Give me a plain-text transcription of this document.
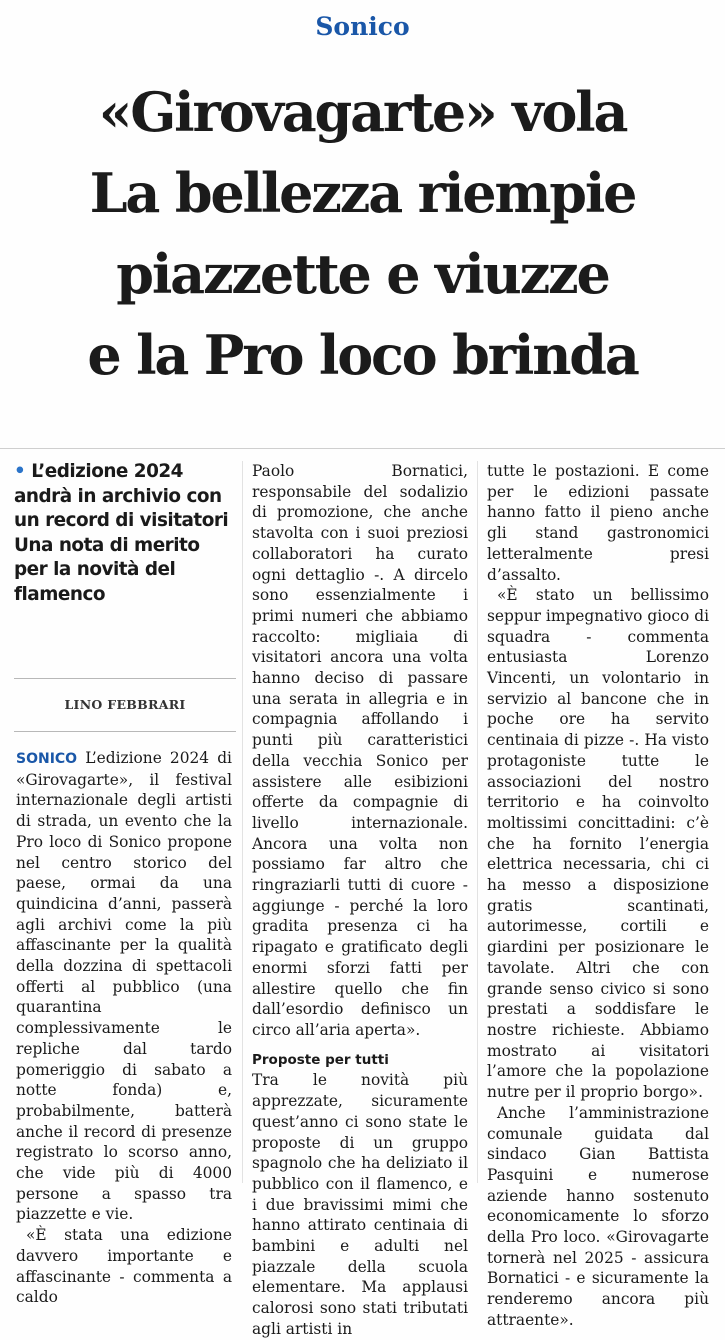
Sonico
«Girovagarte» vola
La bellezza riempie
piazzette e viuzze
e la Pro loco brinda
• L’edizione 2024 andrà in archivio con un record di visitatori Una nota di merito per la novità del flamenco
LINO FEBBRARI

SONICO L’edizione 2024 di «Girovagarte», il festival internazionale degli artisti di strada, un evento che la Pro loco di Sonico propone nel centro storico del paese, ormai da una quindicina d’anni, passerà agli archivi come la più affascinante per la qualità della dozzina di spettacoli offerti al pubblico (una quarantina complessivamente le repliche dal tardo pomeriggio di sabato a notte fonda) e, probabilmente, batterà anche il record di presenze registrato lo scorso anno, che vide più di 4000 persone a spasso tra piazzette e vie.

«È stata una edizione davvero importante e affascinante - commenta a caldo

Paolo Bornatici, responsabile del sodalizio di promozione, che anche stavolta con i suoi preziosi collaboratori ha curato ogni dettaglio -. A dircelo sono essenzialmente i primi numeri che abbiamo raccolto: migliaia di visitatori ancora una volta hanno deciso di passare una serata in allegria e in compagnia affollando i punti più caratteristici della vecchia Sonico per assistere alle esibizioni offerte da compagnie di livello internazionale. Ancora una volta non possiamo far altro che ringraziarli tutti di cuore - aggiunge - perché la loro gradita presenza ci ha ripagato e gratificato degli enormi sforzi fatti per allestire quello che fin dall’esordio definisco un circo all’aria aperta».

Proposte per tutti

Tra le novità più apprezzate, sicuramente quest’anno ci sono state le proposte di un gruppo spagnolo che ha deliziato il pubblico con il flamenco, e i due bravissimi mimi che hanno attirato centinaia di bambini e adulti nel piazzale della scuola elementare. Ma applausi calorosi sono stati tributati agli artisti in

tutte le postazioni. E come per le edizioni passate hanno fatto il pieno anche gli stand gastronomici letteralmente presi d’assalto.

«È stato un bellissimo seppur impegnativo gioco di squadra - commenta entusiasta Lorenzo Vincenti, un volontario in servizio al bancone che in poche ore ha servito centinaia di pizze -. Ha visto protagoniste tutte le associazioni del nostro territorio e ha coinvolto moltissimi concittadini: c’è che ha fornito l’energia elettrica necessaria, chi ci ha messo a disposizione gratis scantinati, autorimesse, cortili e giardini per posizionare le tavolate. Altri che con grande senso civico si sono prestati a soddisfare le nostre richieste. Abbiamo mostrato ai visitatori l’amore che la popolazione nutre per il proprio borgo».

Anche l’amministrazione comunale guidata dal sindaco Gian Battista Pasquini e numerose aziende hanno sostenuto economicamente lo sforzo della Pro loco. «Girovagarte tornerà nel 2025 - assicura Bornatici - e sicuramente la renderemo ancora più attraente».
